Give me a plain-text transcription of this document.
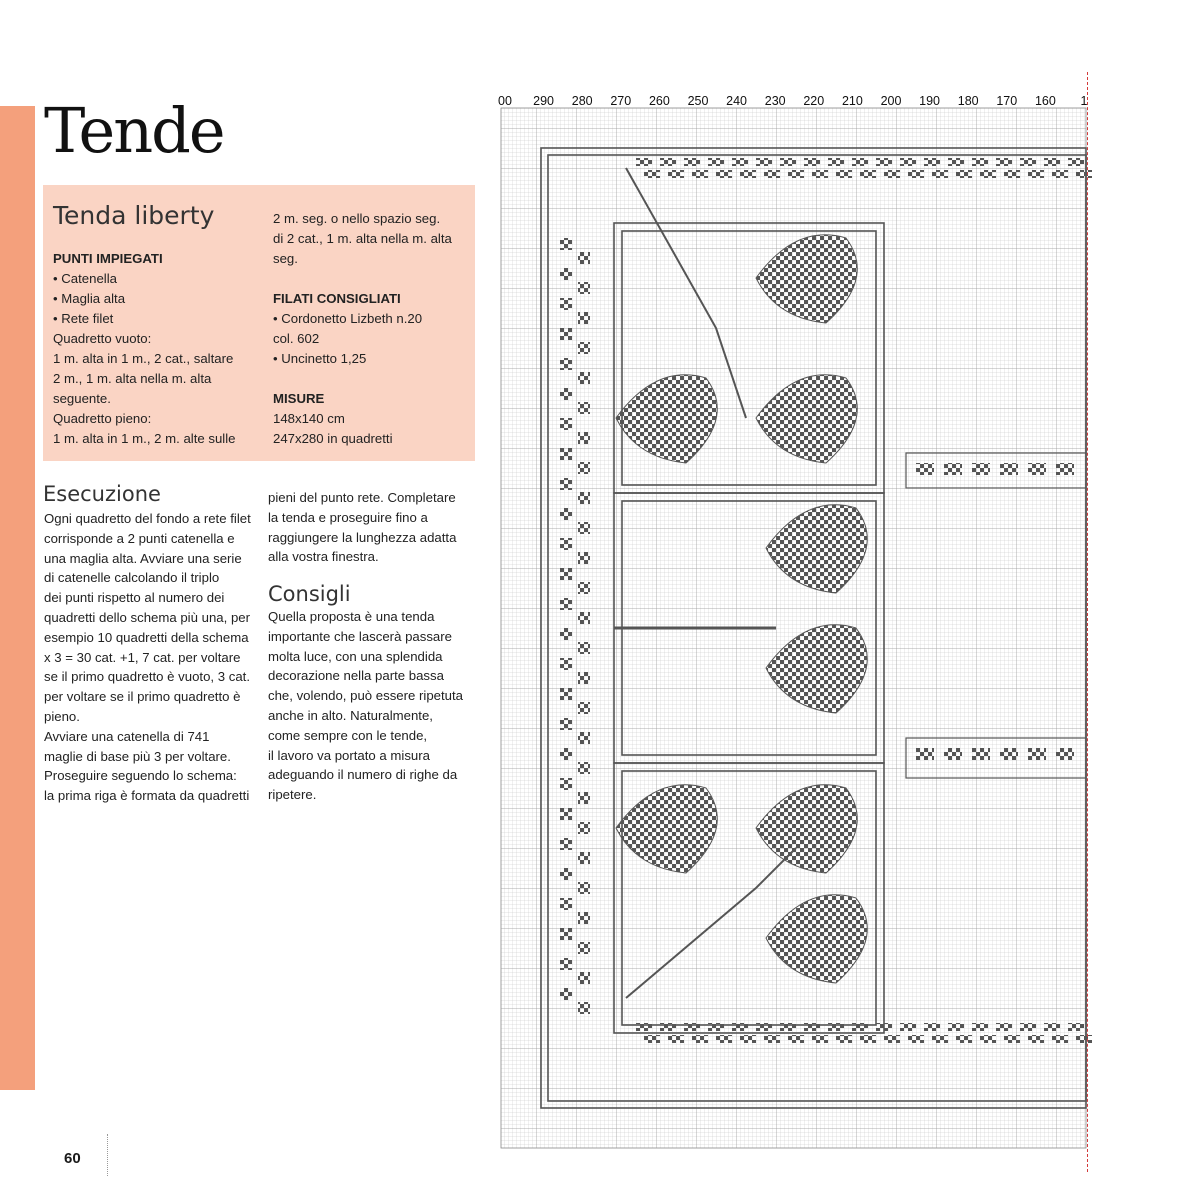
Tende
Tenda liberty

PUNTI IMPIEGATI

• Catenella

• Maglia alta

• Rete filet

Quadretto vuoto:

1 m. alta in 1 m., 2 cat., saltare

2 m., 1 m. alta nella m. alta

seguente.

Quadretto pieno:

1 m. alta in 1 m., 2 m. alte sulle

2 m. seg. o nello spazio seg.

di 2 cat., 1 m. alta nella m. alta

seg.

FILATI CONSIGLIATI

• Cordonetto Lizbeth n.20

col. 602

• Uncinetto 1,25

MISURE

148x140 cm

247x280 in quadretti

Esecuzione

Ogni quadretto del fondo a rete filet

corrisponde a 2 punti catenella e

una maglia alta. Avviare una serie

di catenelle calcolando il triplo

dei punti rispetto al numero dei

quadretti dello schema più una, per

esempio 10 quadretti della schema

x 3 = 30 cat. +1, 7 cat. per voltare

se il primo quadretto è vuoto, 3 cat.

per voltare se il primo quadretto è

pieno.

Avviare una catenella di 741

maglie di base più 3 per voltare.

Proseguire seguendo lo schema:

la prima riga è formata da quadretti

pieni del punto rete. Completare

la tenda e proseguire fino a

raggiungere la lunghezza adatta

alla vostra finestra.

Consigli

Quella proposta è una tenda

importante che lascerà passare

molta luce, con una splendida

decorazione nella parte bassa

che, volendo, può essere ripetuta

anche in alto. Naturalmente,

come sempre con le tende,

il lavoro va portato a misura

adeguando il numero di righe da

ripetere.

60
00 290 280 270 260 250 240 230 220 210 200 190 180 170 160 1
